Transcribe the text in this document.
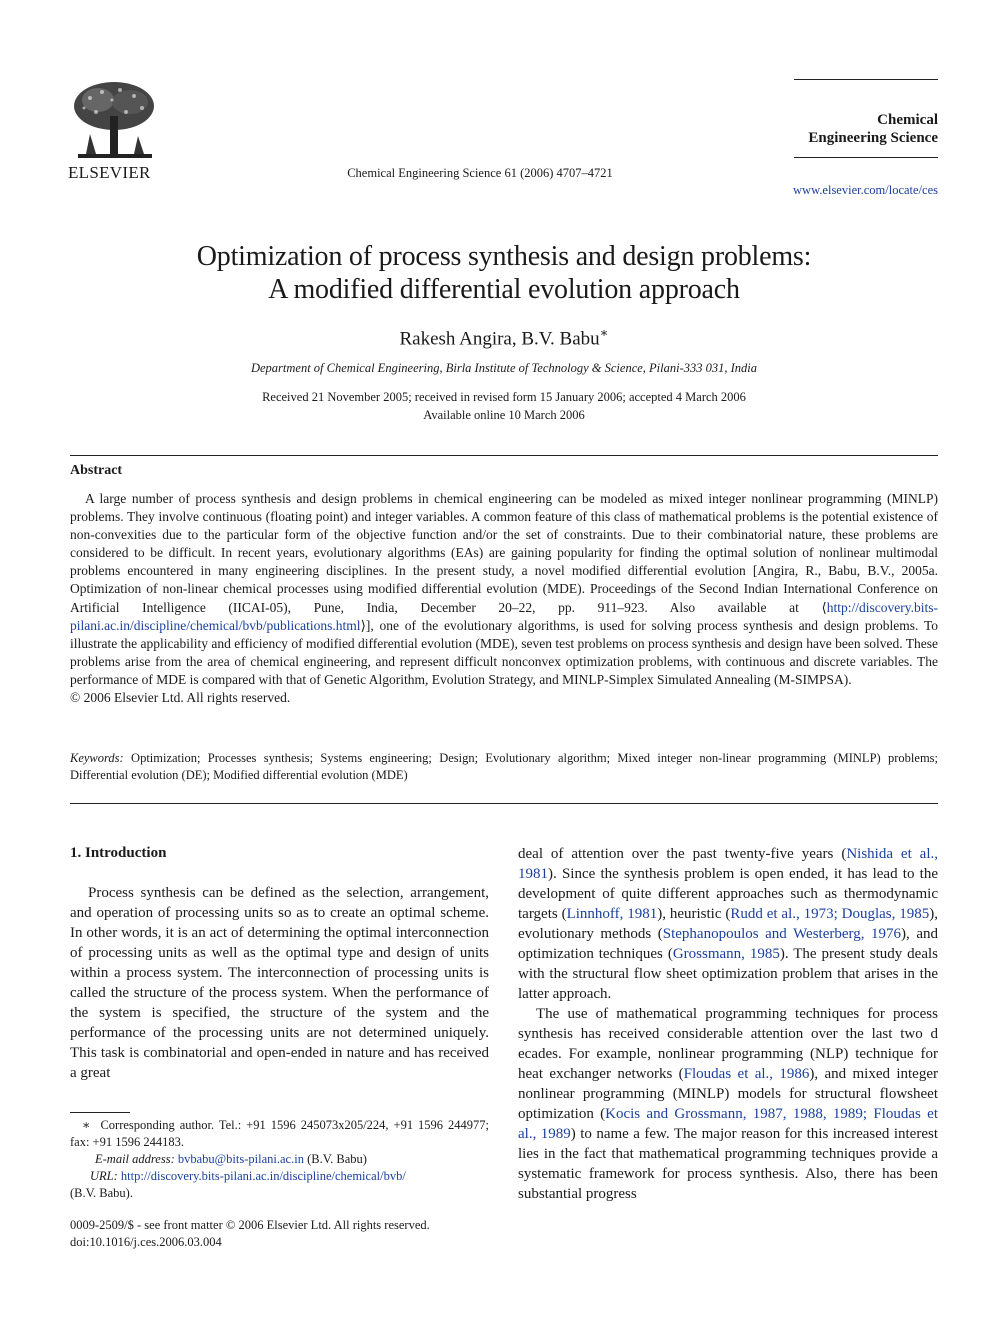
ELSEVIER	Chemical Engineering Science 61 (2006) 4707–4721
Chemical
Engineering Science
www.elsevier.com/locate/ces
Optimization of process synthesis and design problems:
A modified differential evolution approach
Rakesh Angira, B.V. Babu∗
Department of Chemical Engineering, Birla Institute of Technology & Science, Pilani-333 031, India
Received 21 November 2005; received in revised form 15 January 2006; accepted 4 March 2006
Available online 10 March 2006
Abstract

A large number of process synthesis and design problems in chemical engineering can be modeled as mixed integer nonlinear programming (MINLP) problems. They involve continuous (floating point) and integer variables. A common feature of this class of mathematical problems is the potential existence of non-convexities due to the particular form of the objective function and/or the set of constraints. Due to their combinatorial nature, these problems are considered to be difficult. In recent years, evolutionary algorithms (EAs) are gaining popularity for finding the optimal solution of nonlinear multimodal problems encountered in many engineering disciplines. In the present study, a novel modified differential evolution [Angira, R., Babu, B.V., 2005a. Optimization of non-linear chemical processes using modified differential evolution (MDE). Proceedings of the Second Indian International Conference on Artificial Intelligence (IICAI-05), Pune, India, December 20–22, pp. 911–923. Also available at ⟨http://discovery.bits-pilani.ac.in/discipline/chemical/bvb/publications.html⟩], one of the evolutionary algorithms, is used for solving process synthesis and design problems. To illustrate the applicability and efficiency of modified differential evolution (MDE), seven test problems on process synthesis and design have been solved. These problems arise from the area of chemical engineering, and represent difficult nonconvex optimization problems, with continuous and discrete variables. The performance of MDE is compared with that of Genetic Algorithm, Evolution Strategy, and MINLP-Simplex Simulated Annealing (M-SIMPSA).

© 2006 Elsevier Ltd. All rights reserved.

Keywords: Optimization; Processes synthesis; Systems engineering; Design; Evolutionary algorithm; Mixed integer non-linear programming (MINLP) problems; Differential evolution (DE); Modified differential evolution (MDE)
1. Introduction

Process synthesis can be defined as the selection, arrangement, and operation of processing units so as to create an optimal scheme. In other words, it is an act of determining the optimal interconnection of processing units as well as the optimal type and design of units within a process system. The interconnection of processing units is called the structure of the process system. When the performance of the system is specified, the structure of the system and the performance of the processing units are not determined uniquely. This task is combinatorial and open-ended in nature and has received a great

deal of attention over the past twenty-five years (Nishida et al., 1981). Since the synthesis problem is open ended, it has lead to the development of quite different approaches such as thermodynamic targets (Linnhoff, 1981), heuristic (Rudd et al., 1973; Douglas, 1985), evolutionary methods (Stephanopoulos and Westerberg, 1976), and optimization techniques (Grossmann, 1985). The present study deals with the structural flow sheet optimization problem that arises in the latter approach.

The use of mathematical programming techniques for process synthesis has received considerable attention over the last two d ecades. For example, nonlinear programming (NLP) technique for heat exchanger networks (Floudas et al., 1986), and mixed integer nonlinear programming (MINLP) models for structural flowsheet optimization (Kocis and Grossmann, 1987, 1988, 1989; Floudas et al., 1989) to name a few. The major reason for this increased interest lies in the fact that mathematical programming techniques provide a systematic framework for process synthesis. Also, there has been substantial progress

∗ Corresponding author. Tel.: +91 1596 245073x205/224, +91 1596 244977; fax: +91 1596 244183.
E-mail address: bvbabu@bits-pilani.ac.in (B.V. Babu)
URL: http://discovery.bits-pilani.ac.in/discipline/chemical/bvb/
(B.V. Babu).
0009-2509/$ - see front matter © 2006 Elsevier Ltd. All rights reserved.
doi:10.1016/j.ces.2006.03.004
